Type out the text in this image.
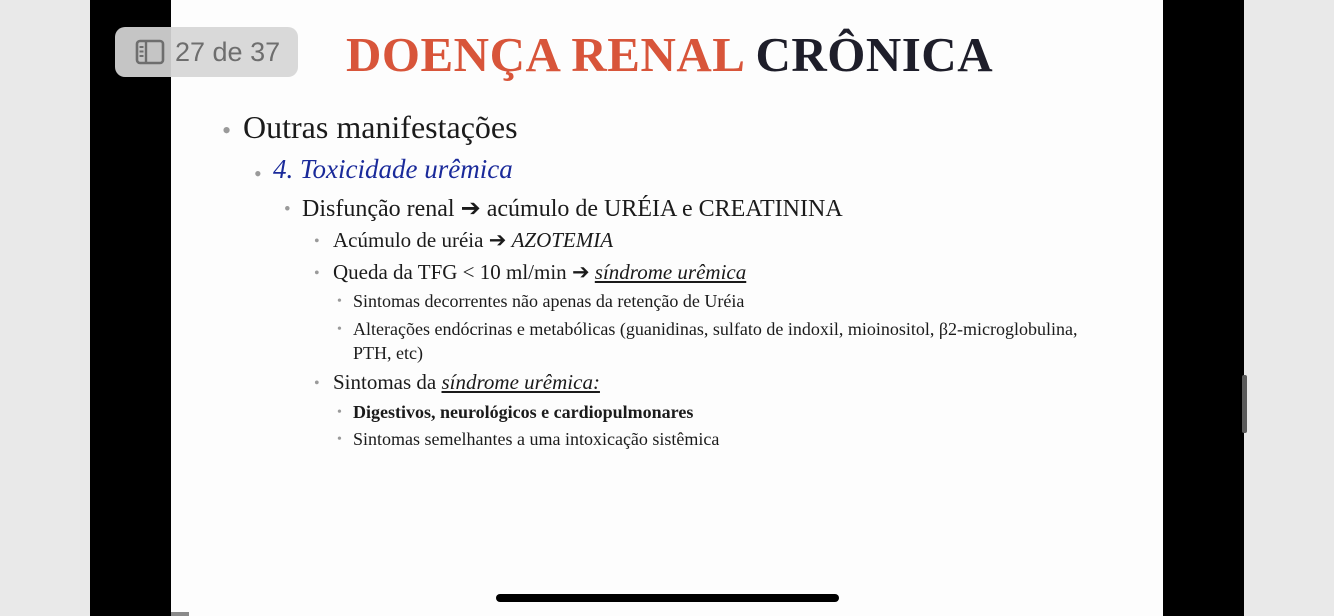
27 de 37 DOENÇA RENAL CRÔNICA
• Outras manifestações
• 4. Toxicidade urêmica
• Disfunção renal ➔ acúmulo de URÉIA e CREATININA
• Acúmulo de uréia ➔ AZOTEMIA
• Queda da TFG < 10 ml/min ➔ síndrome urêmica
• Sintomas decorrentes não apenas da retenção de Uréia
• Alterações endócrinas e metabólicas (guanidinas, sulfato de indoxil, mioinositol, β2-microglobulina,
PTH, etc)
• Sintomas da síndrome urêmica:
• Digestivos, neurológicos e cardiopulmonares
• Sintomas semelhantes a uma intoxicação sistêmica
